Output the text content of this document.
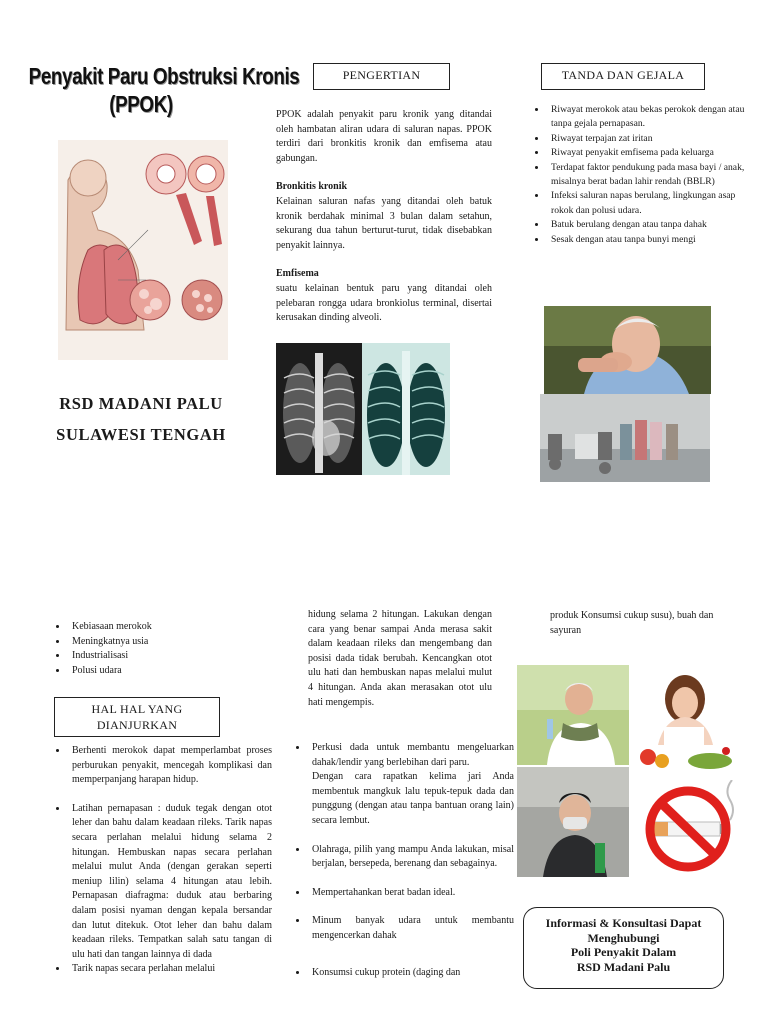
Penyakit Paru Obstruksi Kronis
(PPOK)
RSD MADANI PALU
SULAWESI TENGAH
PENGERTIAN

PPOK adalah penyakit paru kronik yang ditandai oleh hambatan aliran udara di saluran napas. PPOK terdiri dari bronkitis kronik dan emfisema atau gabungan.

Bronkitis kronik

Kelainan saluran nafas yang ditandai oleh batuk kronik berdahak minimal 3 bulan dalam setahun, sekurang dua tahun berturut-turut, tidak disebabkan penyakit lainnya.

Emfisema

suatu kelainan bentuk paru yang ditandai oleh pelebaran rongga udara bronkiolus terminal, disertai kerusakan dinding alveoli.

TANDA DAN GEJALA
• Riwayat merokok atau bekas perokok dengan atau tanpa gejala pernapasan.
• Riwayat terpajan zat iritan
• Riwayat penyakit emfisema pada keluarga
• Terdapat faktor pendukung pada masa bayi / anak, misalnya berat badan lahir rendah (BBLR)
• Infeksi saluran napas berulang, lingkungan asap rokok dan polusi udara.
• Batuk berulang dengan atau tanpa dahak
• Sesak dengan atau tanpa bunyi mengi
• Kebiasaan merokok
• Meningkatnya usia
• Industrialisasi
• Polusi udara
HAL HAL YANG
DIANJURKAN
• Berhenti merokok dapat memperlambat proses perburukan penyakit, mencegah komplikasi dan memperpanjang harapan hidup.
• Latihan pernapasan : duduk tegak dengan otot leher dan bahu dalam keadaan rileks. Tarik napas secara perlahan melalui hidung selama 2 hitungan. Hembuskan napas secara perlahan melalui mulut Anda (dengan gerakan seperti meniup lilin) selama 4 hitungan atau lebih. Pernapasan diafragma: duduk atau berbaring dalam posisi nyaman dengan kepala bersandar dan lutut ditekuk. Otot leher dan bahu dalam keadaan rileks. Tempatkan salah satu tangan di ulu hati dan tangan lainnya di dada
• Tarik napas secara perlahan melalui

hidung selama 2 hitungan. Lakukan dengan cara yang benar sampai Anda merasa sakit dalam keadaan rileks dan mengembang dan posisi dada tidak berubah. Kencangkan otot ulu hati dan hembuskan napas melalui mulut 4 hitungan. Anda akan merasakan otot ulu hati mengempis.

• Perkusi dada untuk membantu mengeluarkan dahak/lendir yang berlebihan dari paru.
Dengan cara rapatkan kelima jari Anda membentuk mangkuk lalu tepuk-tepuk dada dan punggung (dengan atau tanpa bantuan orang lain) secara lembut.
• Olahraga, pilih yang mampu Anda lakukan, misal berjalan, bersepeda, berenang dan sebagainya.
• Mempertahankan berat badan ideal.
• Minum banyak udara untuk membantu mengencerkan dahak
• Konsumsi cukup protein (daging dan

produk Konsumsi cukup susu), buah dan sayuran

Informasi & Konsultasi Dapat
Menghubungi
Poli Penyakit Dalam
RSD Madani Palu
